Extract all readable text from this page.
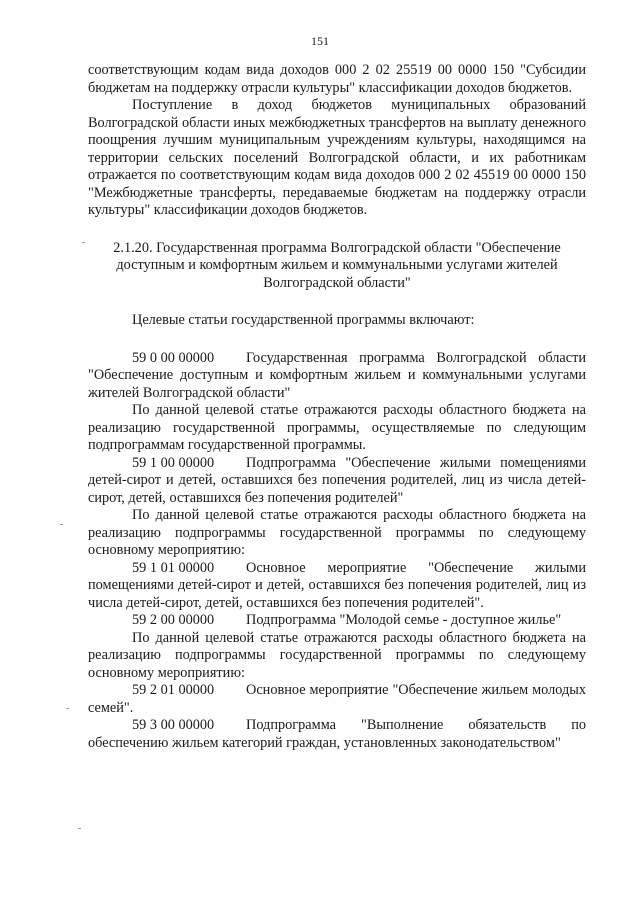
151

соответствующим кодам вида доходов 000 2 02 25519 00 0000 150 "Субсидии бюджетам на поддержку отрасли культуры" классификации доходов бюджетов.

Поступление в доход бюджетов муниципальных образований Волгоградской области иных межбюджетных трансфертов на выплату денежного поощрения лучшим муниципальным учреждениям культуры, находящимся на территории сельских поселений Волгоградской области, и их работникам отражается по соответствующим кодам вида доходов 000 2 02 45519 00 0000 150 "Межбюджетные трансферты, передаваемые бюджетам на поддержку отрасли культуры" классификации доходов бюджетов.

2.1.20. Государственная программа Волгоградской области "Обеспечение доступным и комфортным жильем и коммунальными услугами жителей Волгоградской области"

Целевые статьи государственной программы включают:

59 0 00 00000 Государственная программа Волгоградской области "Обеспечение доступным и комфортным жильем и коммунальными услугами жителей Волгоградской области"

По данной целевой статье отражаются расходы областного бюджета на реализацию государственной программы, осуществляемые по следующим подпрограммам государственной программы.

59 1 00 00000 Подпрограмма "Обеспечение жилыми помещениями детей-сирот и детей, оставшихся без попечения родителей, лиц из числа детей-сирот, детей, оставшихся без попечения родителей"

По данной целевой статье отражаются расходы областного бюджета на реализацию подпрограммы государственной программы по следующему основному мероприятию:

59 1 01 00000 Основное мероприятие "Обеспечение жилыми помещениями детей-сирот и детей, оставшихся без попечения родителей, лиц из числа детей-сирот, детей, оставшихся без попечения родителей".

59 2 00 00000 Подпрограмма "Молодой семье - доступное жилье"

По данной целевой статье отражаются расходы областного бюджета на реализацию подпрограммы государственной программы по следующему основному мероприятию:

59 2 01 00000 Основное мероприятие "Обеспечение жильем молодых семей".

59 3 00 00000 Подпрограмма "Выполнение обязательств по обеспечению жильем категорий граждан, установленных законодательством"
